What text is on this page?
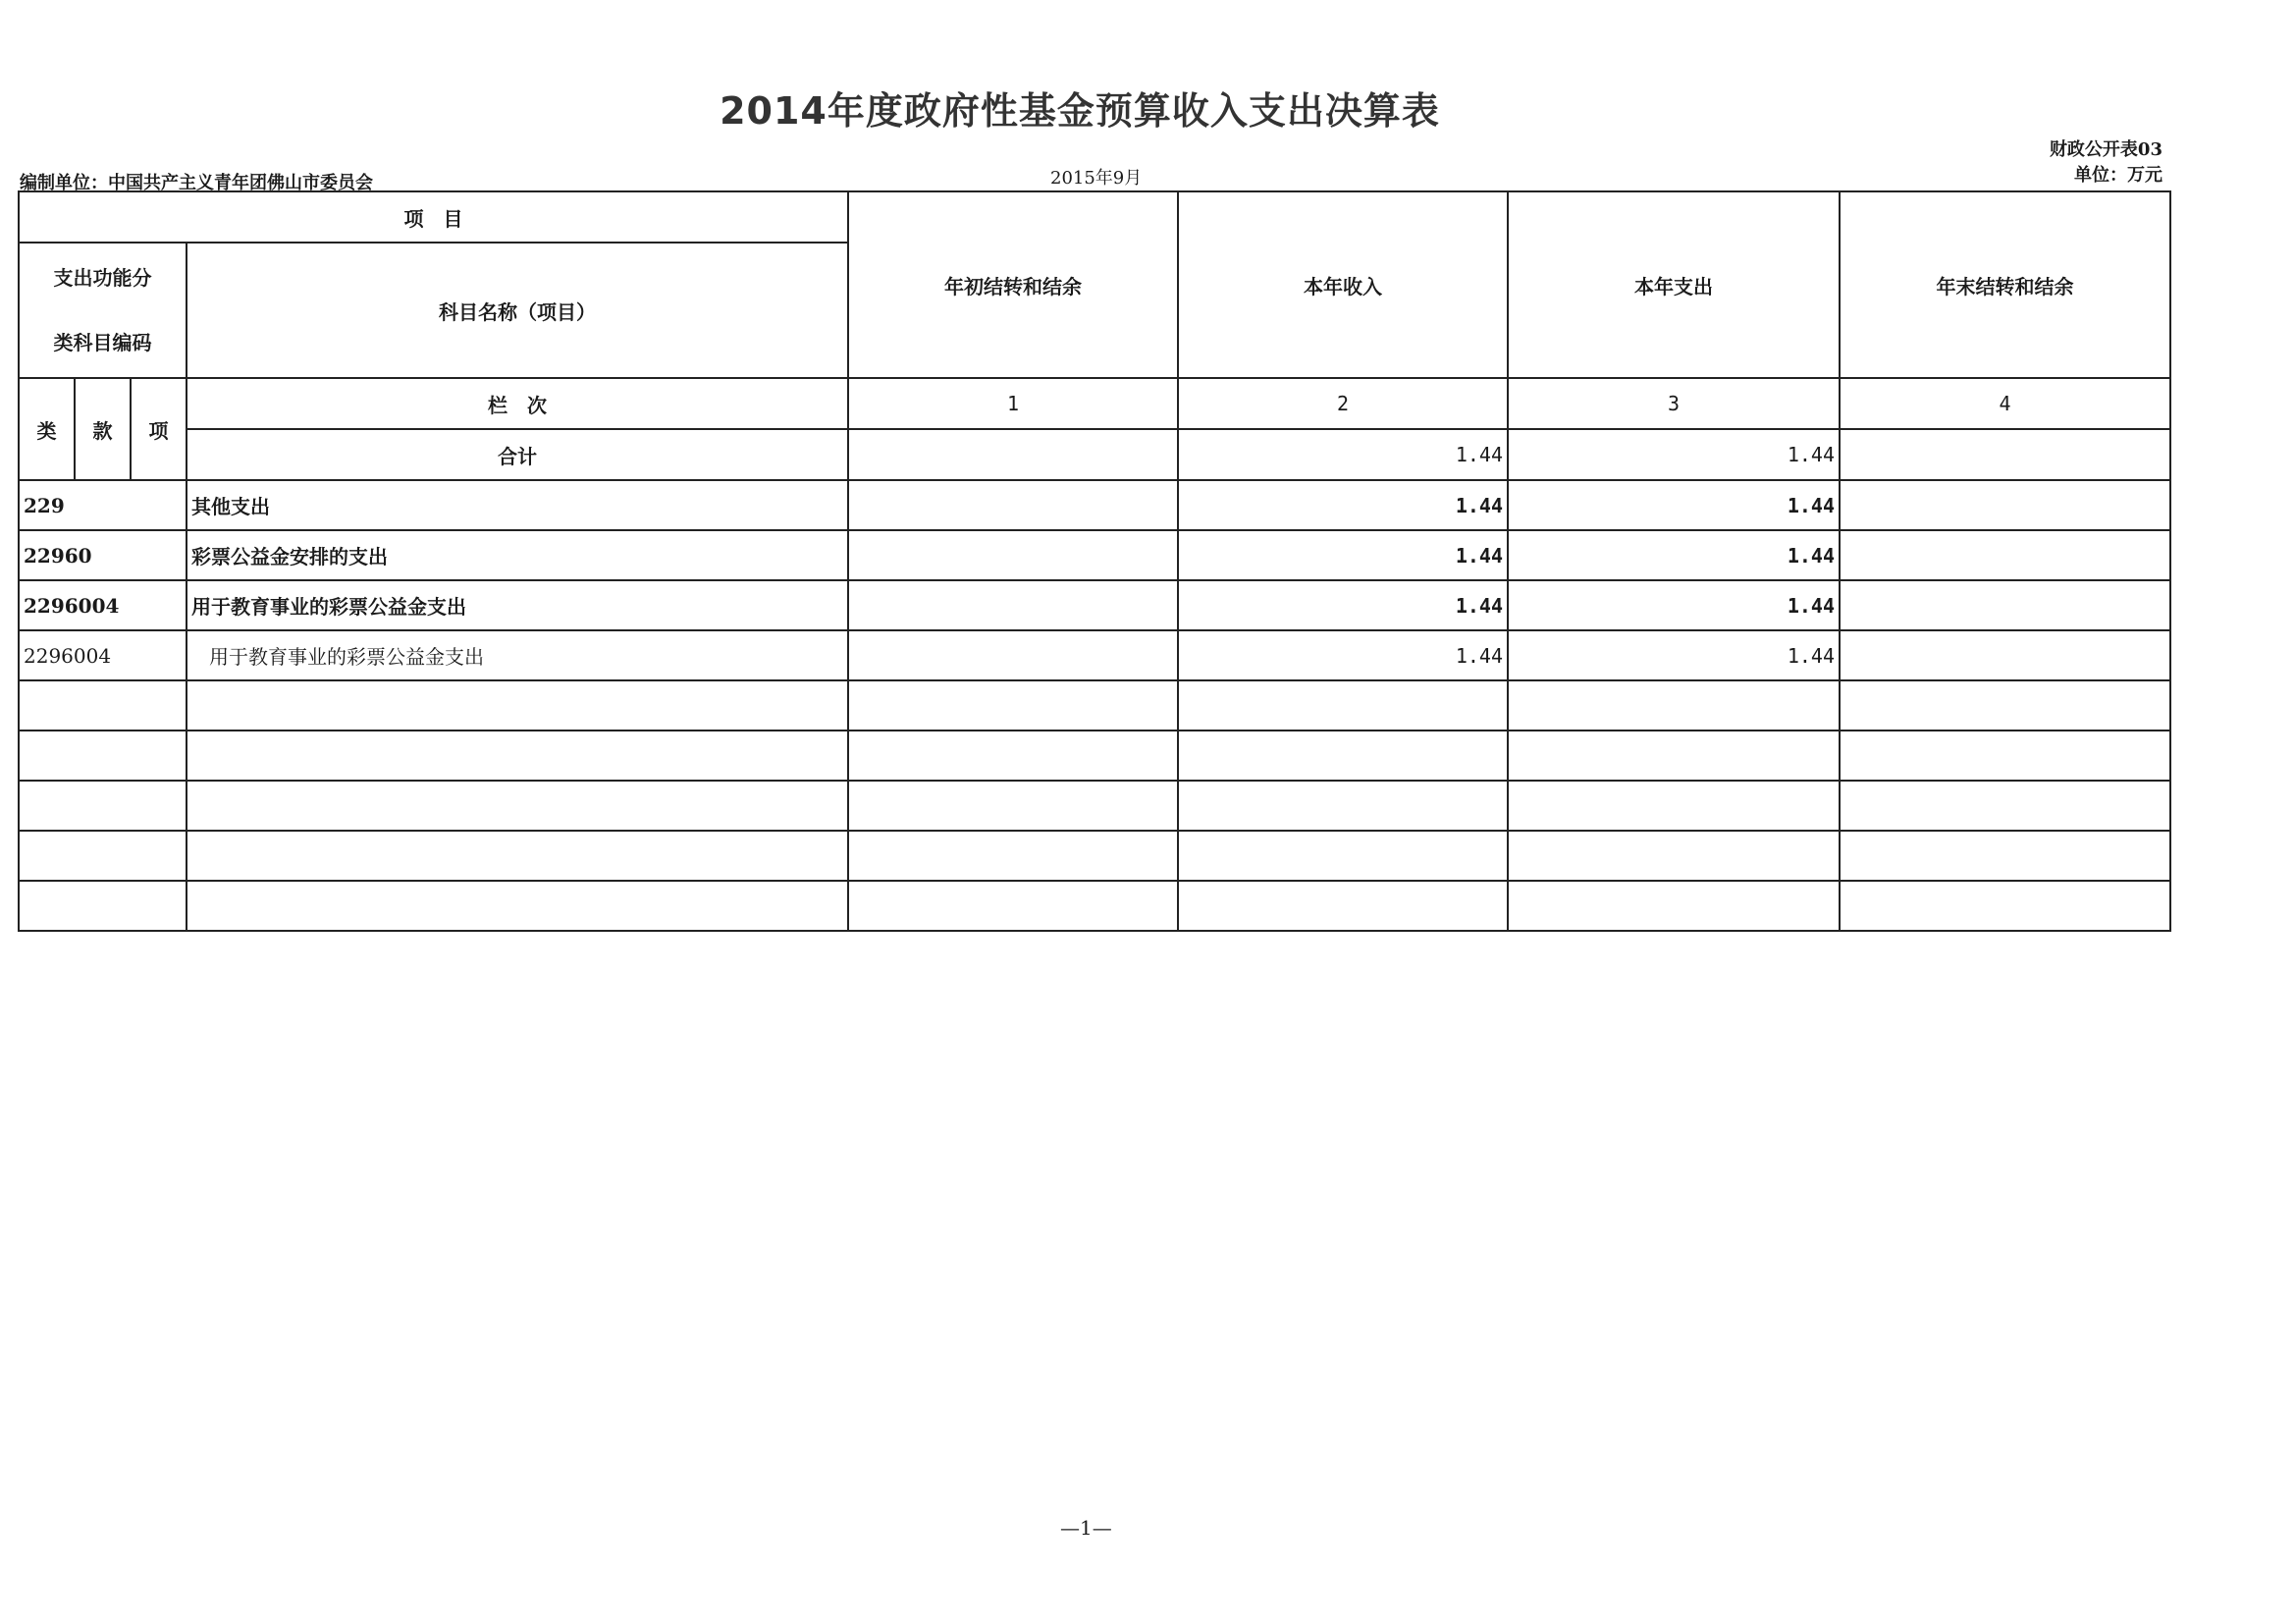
2014年度政府性基金预算收入支出决算表
编制单位：中国共产主义青年团佛山市委员会	2015年9月
财政公开表03
单位：万元
项　目				年初结转和结余	本年收入	本年支出	年末结转和结余

支出功能分
类科目编码			科目名称（项目）				
类	款	项	栏　次	1	2	3	4
			合计		1.44	1.44	
229			其他支出		1.44	1.44	
22960			彩票公益金安排的支出		1.44	1.44	
2296004			用于教育事业的彩票公益金支出		1.44	1.44	
2296004			用于教育事业的彩票公益金支出		1.44	1.44	

—1—
